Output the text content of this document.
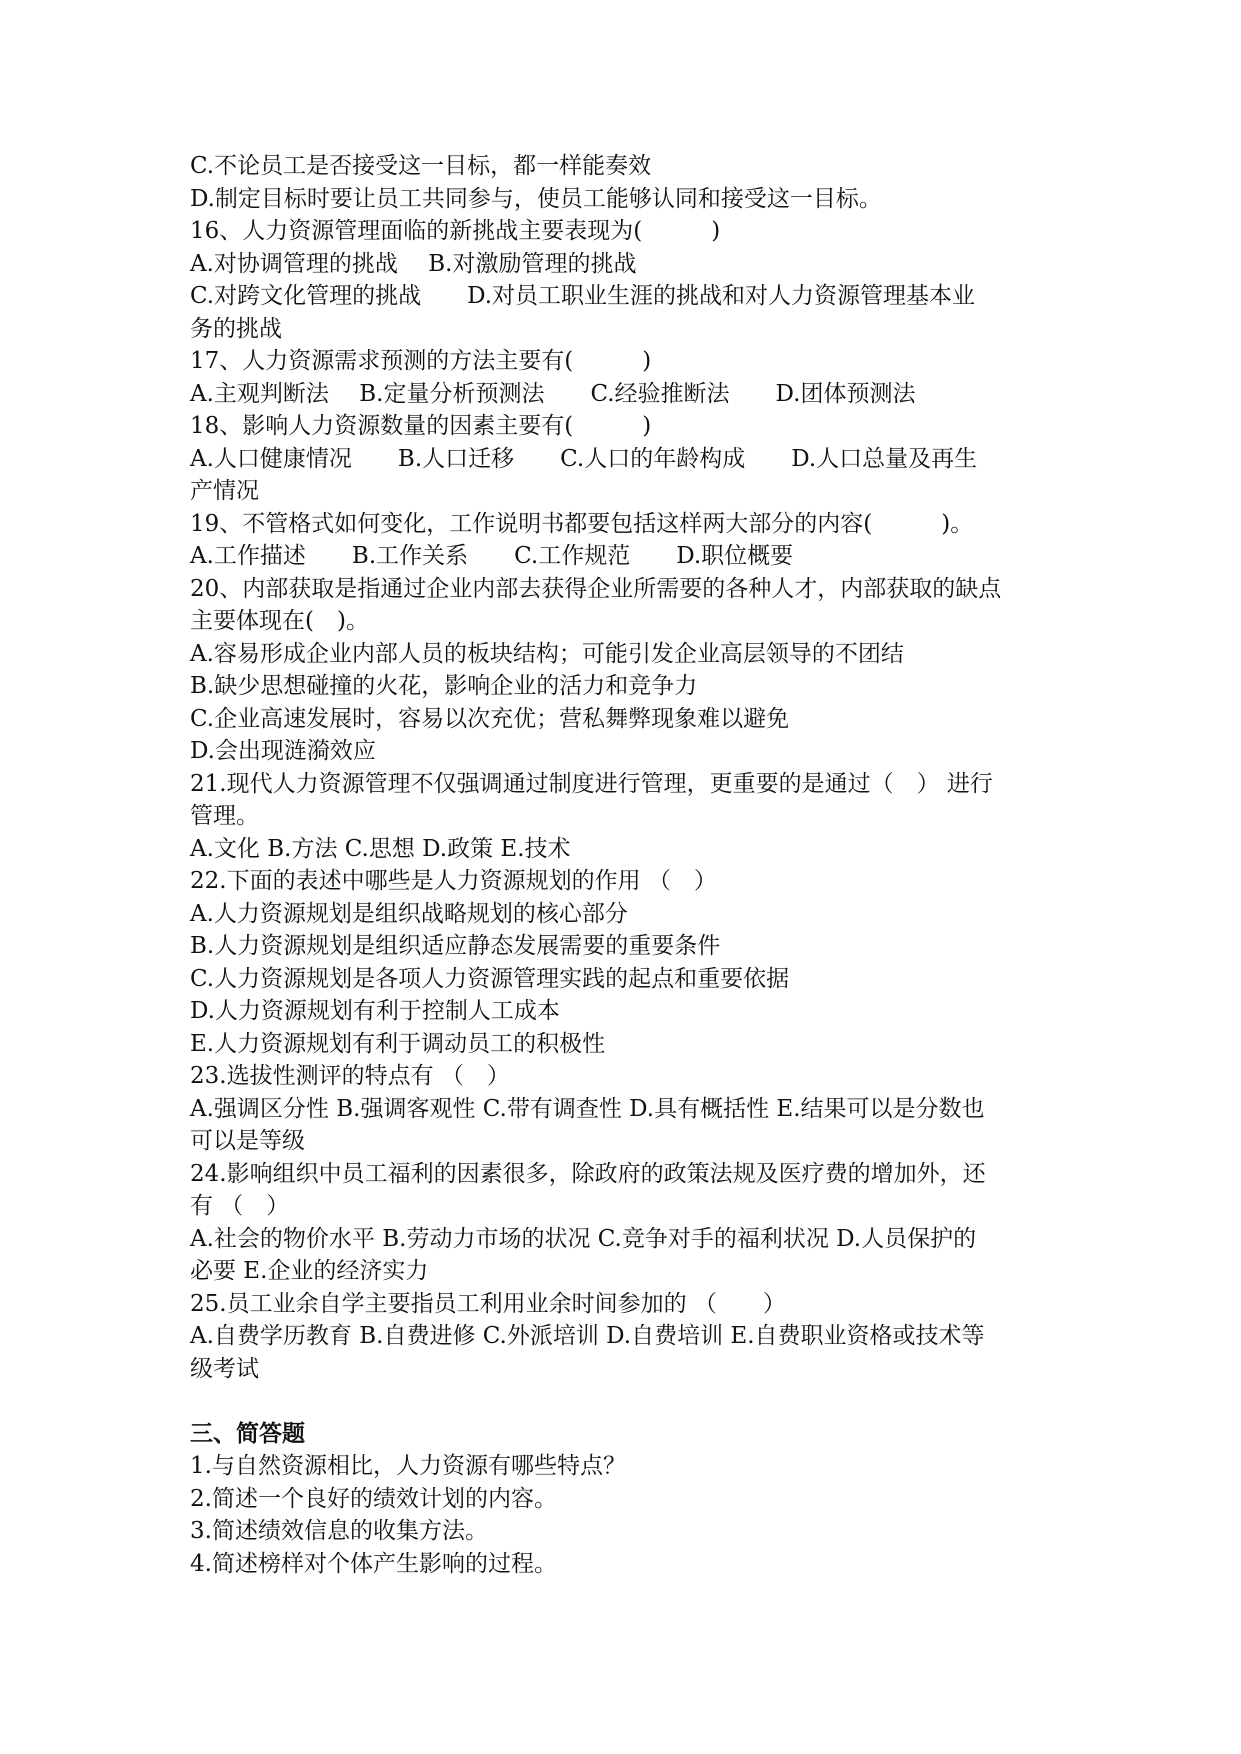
C.不论员工是否接受这一目标，都一样能奏效
D.制定目标时要让员工共同参与，使员工能够认同和接受这一目标。
16、人力资源管理面临的新挑战主要表现为(　　　)
A.对协调管理的挑战　 B.对激励管理的挑战
C.对跨文化管理的挑战　　D.对员工职业生涯的挑战和对人力资源管理基本业
务的挑战
17、人力资源需求预测的方法主要有(　　　)
A.主观判断法　 B.定量分析预测法　　C.经验推断法　　D.团体预测法
18、影响人力资源数量的因素主要有(　　　)
A.人口健康情况　　B.人口迁移　　C.人口的年龄构成　　D.人口总量及再生
产情况
19、不管格式如何变化，工作说明书都要包括这样两大部分的内容(　　　)。
A.工作描述　　B.工作关系　　C.工作规范　　D.职位概要
20、内部获取是指通过企业内部去获得企业所需要的各种人才，内部获取的缺点
主要体现在(　)。
A.容易形成企业内部人员的板块结构；可能引发企业高层领导的不团结
B.缺少思想碰撞的火花，影响企业的活力和竞争力
C.企业高速发展时，容易以次充优；营私舞弊现象难以避免
D.会出现涟漪效应
21.现代人力资源管理不仅强调通过制度进行管理，更重要的是通过（　） 进行
管理。
A.文化 B.方法 C.思想 D.政策 E.技术
22.下面的表述中哪些是人力资源规划的作用 （　）
A.人力资源规划是组织战略规划的核心部分
B.人力资源规划是组织适应静态发展需要的重要条件
C.人力资源规划是各项人力资源管理实践的起点和重要依据
D.人力资源规划有利于控制人工成本
E.人力资源规划有利于调动员工的积极性
23.选拔性测评的特点有 （　）
A.强调区分性 B.强调客观性 C.带有调查性 D.具有概括性 E.结果可以是分数也
可以是等级
24.影响组织中员工福利的因素很多，除政府的政策法规及医疗费的增加外，还
有 （　）
A.社会的物价水平 B.劳动力市场的状况 C.竞争对手的福利状况 D.人员保护的
必要 E.企业的经济实力
25.员工业余自学主要指员工利用业余时间参加的 （　　）
A.自费学历教育 B.自费进修 C.外派培训 D.自费培训 E.自费职业资格或技术等
级考试
三、简答题
1.与自然资源相比，人力资源有哪些特点？
2.简述一个良好的绩效计划的内容。
3.简述绩效信息的收集方法。
4.简述榜样对个体产生影响的过程。
